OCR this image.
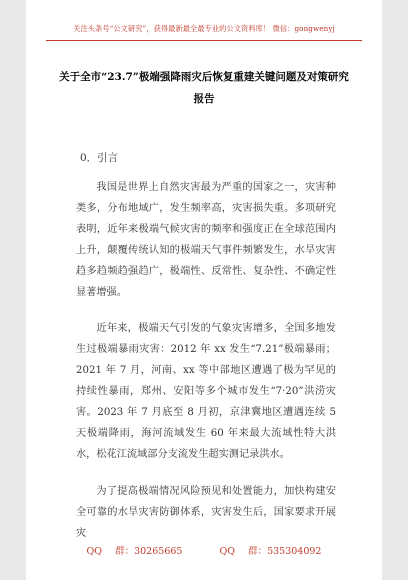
关注头条号“公文研究”，获得最新最全最专业的公文资料库！ 微信：gongwenyj
关于全市“23.7”极端强降雨灾后恢复重建关键问题及对策研究报告
0．引言

我国是世界上自然灾害最为严重的国家之一，灾害种类多，分布地域广，发生频率高，灾害损失重。多项研究表明，近年来极端气候灾害的频率和强度正在全球范围内上升，颠覆传统认知的极端天气事件频繁发生，水旱灾害趋多趋频趋强趋广，极端性、反常性、复杂性、不确定性显著增强。

近年来，极端天气引发的气象灾害增多，全国多地发生过极端暴雨灾害：2012 年 xx 发生“7.21”极端暴雨；2021 年 7 月，河南、xx 等中部地区遭遇了极为罕见的持续性暴雨，郑州、安阳等多个城市发生“7·20”洪涝灾害。2023 年 7 月底至 8 月初，京津冀地区遭遇连续 5 天极端降雨，海河流域发生 60 年来最大流域性特大洪水，松花江流域部分支流发生超实测记录洪水。

为了提高极端情况风险预见和处置能力，加快构建安全可靠的水旱灾害防御体系，灾害发生后，国家要求开展灾

QQ 群：30265665	QQ 群：535304092
